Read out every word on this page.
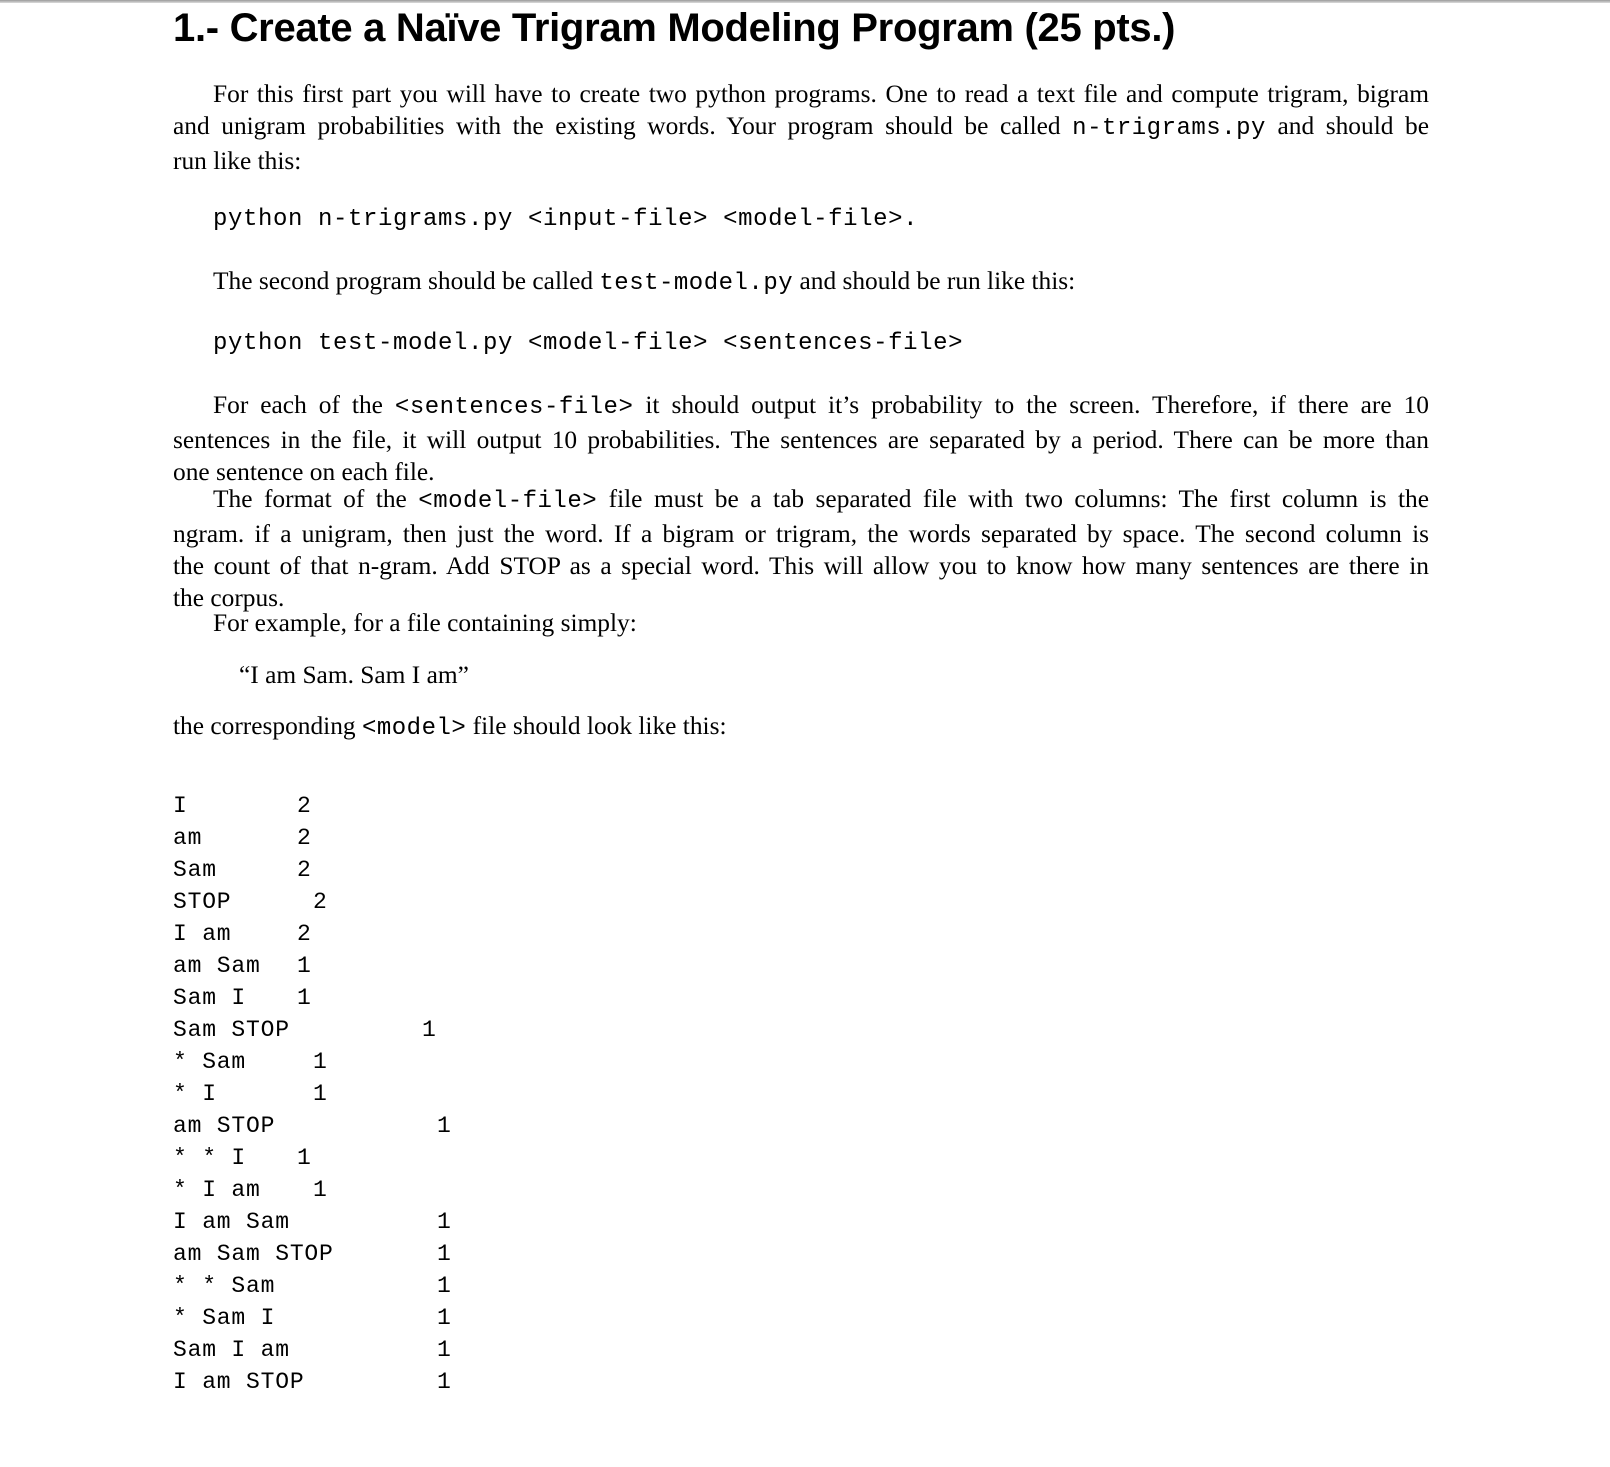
1.- Create a Naïve Trigram Modeling Program (25 pts.)

For this first part you will have to create two python programs. One to read a text file and compute trigram, bigram
and unigram probabilities with the existing words. Your program should be called n-trigrams.py and should be
run like this:

python n-trigrams.py <input-file> <model-file>.

The second program should be called test-model.py and should be run like this:

python test-model.py <model-file> <sentences-file>

For each of the <sentences-file> it should output it’s probability to the screen. Therefore, if there are 10
sentences in the file, it will output 10 probabilities. The sentences are separated by a period. There can be more than
one sentence on each file.

The format of the <model-file> file must be a tab separated file with two columns: The first column is the
ngram. if a unigram, then just the word. If a bigram or trigram, the words separated by space. The second column is
the count of that n-gram. Add STOP as a special word. This will allow you to know how many sentences are there in
the corpus.

For example, for a file containing simply:

“I am Sam. Sam I am”

the corresponding <model> file should look like this:

I	2
am	2
Sam	2
STOP	2
I am	2
am Sam 1
Sam I 1
Sam STOP	1
* Sam	1
* I	1
am STOP	1
* * I 1
* I am 1
I am Sam	1
am Sam STOP	1
* * Sam	1
* Sam I	1
Sam I am	1
I am STOP	1
